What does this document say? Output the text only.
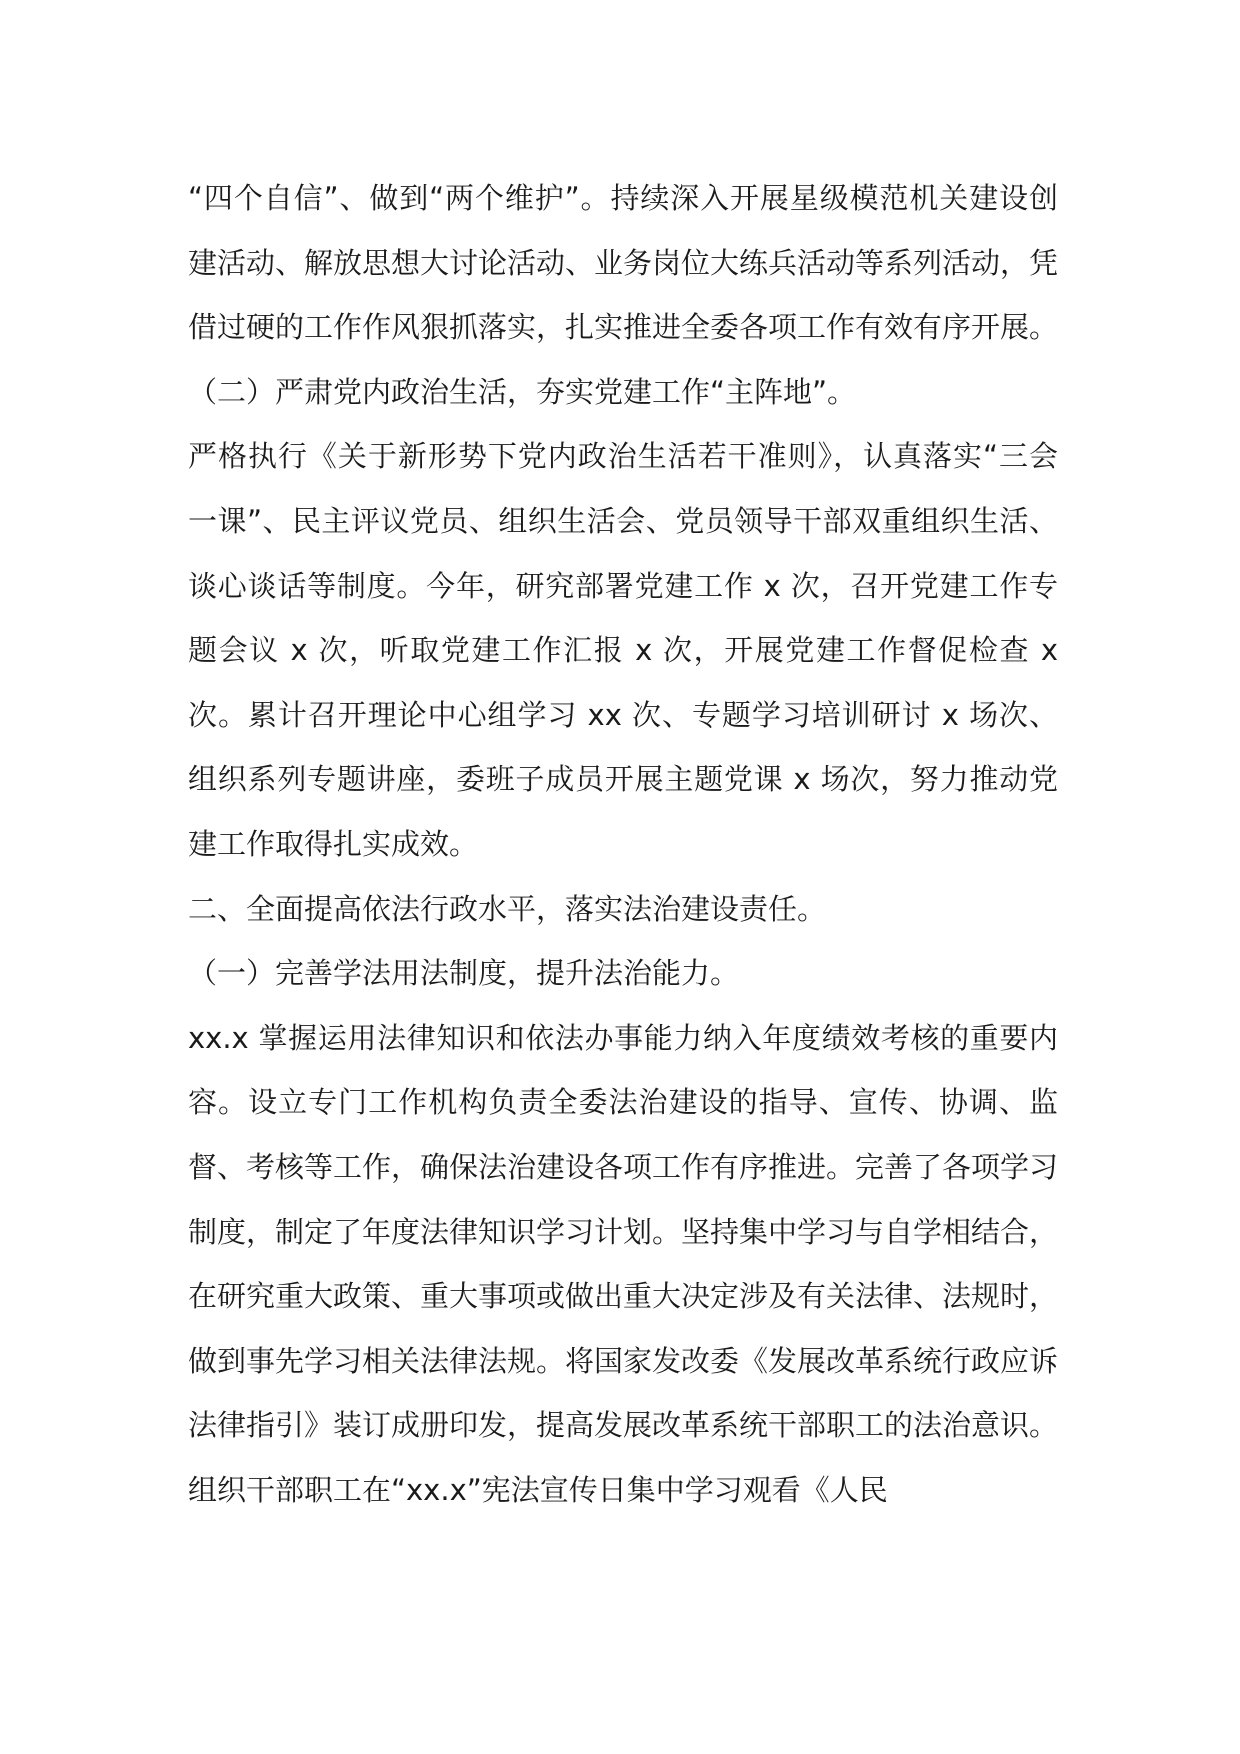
“四个自信”、做到“两个维护”。持续深入开展星级模范机关建设创建活动、解放思想大讨论活动、业务岗位大练兵活动等系列活动，凭借过硬的工作作风狠抓落实，扎实推进全委各项工作有效有序开展。

（二）严肃党内政治生活，夯实党建工作“主阵地”。

严格执行《关于新形势下党内政治生活若干准则》，认真落实“三会一课”、民主评议党员、组织生活会、党员领导干部双重组织生活、谈心谈话等制度。今年，研究部署党建工作 x 次，召开党建工作专题会议 x 次，听取党建工作汇报 x 次，开展党建工作督促检查 x 次。累计召开理论中心组学习 xx 次、专题学习培训研讨 x 场次、组织系列专题讲座，委班子成员开展主题党课 x 场次，努力推动党建工作取得扎实成效。

二、全面提高依法行政水平，落实法治建设责任。

（一）完善学法用法制度，提升法治能力。

xx.x 掌握运用法律知识和依法办事能力纳入年度绩效考核的重要内容。设立专门工作机构负责全委法治建设的指导、宣传、协调、监督、考核等工作，确保法治建设各项工作有序推进。完善了各项学习制度，制定了年度法律知识学习计划。坚持集中学习与自学相结合，在研究重大政策、重大事项或做出重大决定涉及有关法律、法规时，做到事先学习相关法律法规。将国家发改委《发展改革系统行政应诉法律指引》装订成册印发，提高发展改革系统干部职工的法治意识。组织干部职工在“xx.x”宪法宣传日集中学习观看《人民
